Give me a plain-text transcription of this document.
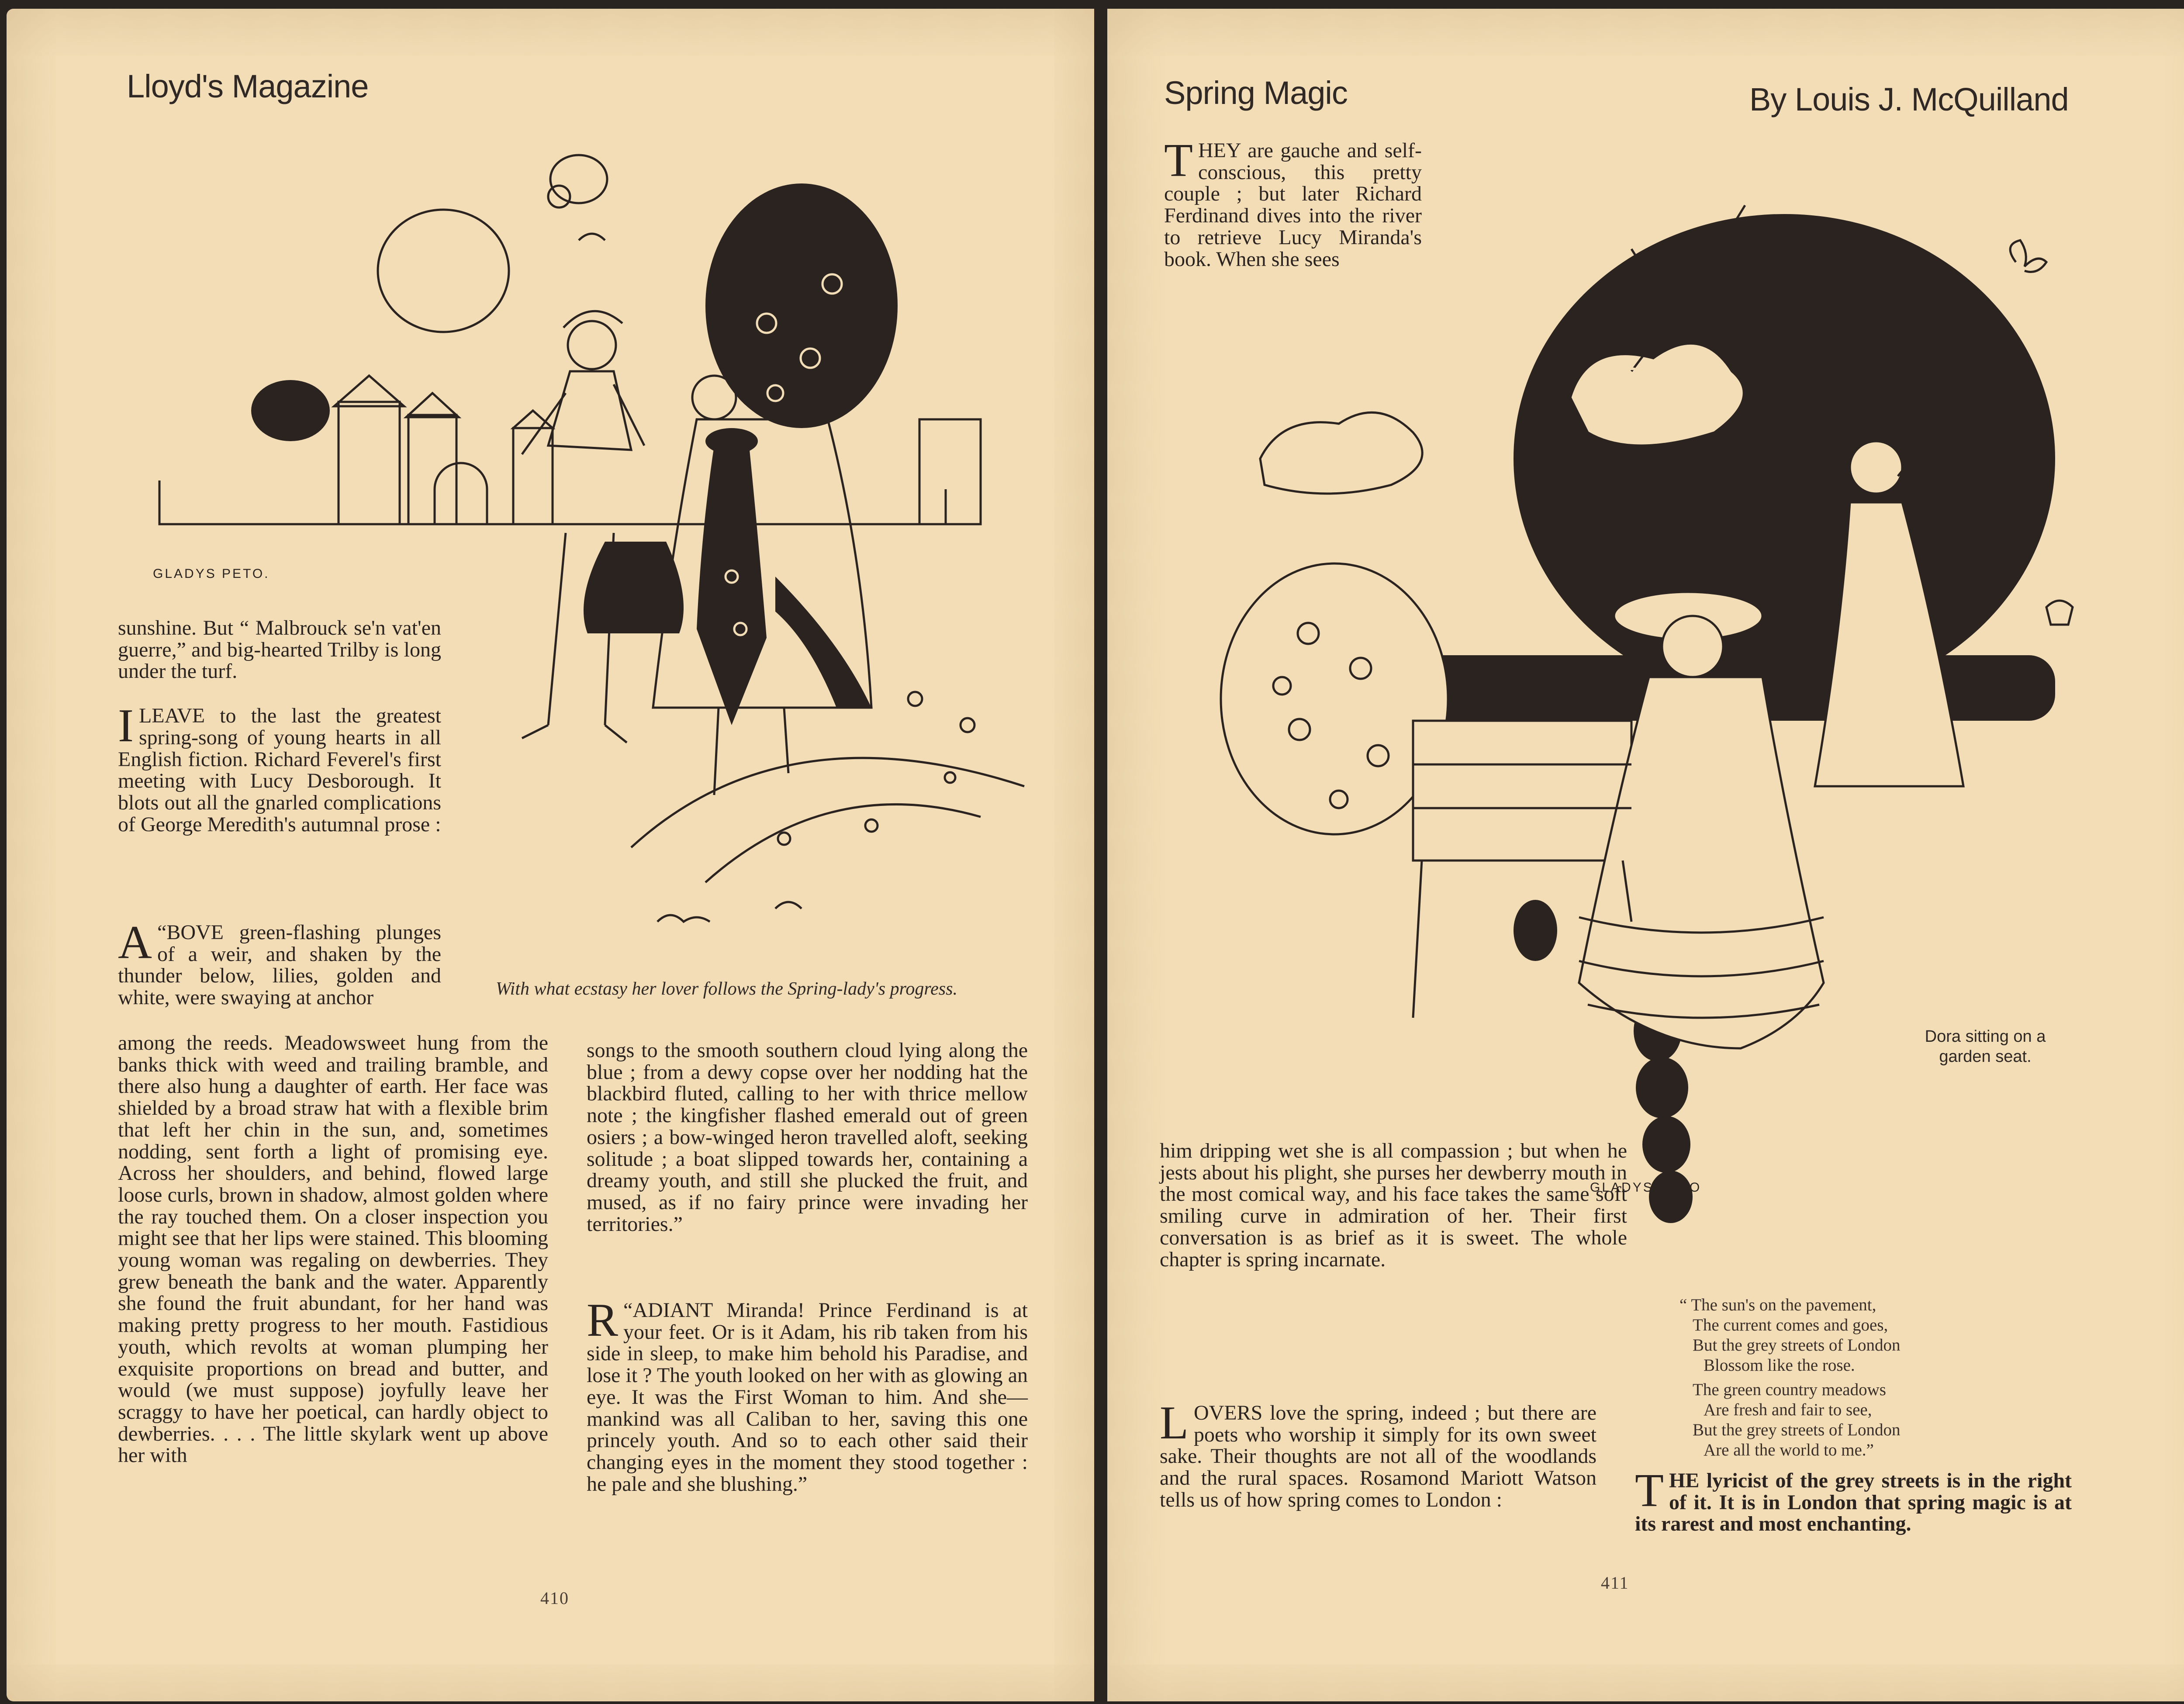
Lloyd's Magazine
GLADYS PETO.
With what ecstasy her lover follows the Spring-lady's progress.

sunshine. But “ Malbrouck se'n vat'en guerre,” and big-hearted Trilby is long under the turf.

ILEAVE to the last the greatest spring-song of young hearts in all English fiction. Richard Feverel's first meeting with Lucy Desborough. It blots out all the gnarled complications of George Meredith's autumnal prose :

“
A BOVE green-flashing plunges of a weir, and shaken by the thunder below, lilies, golden and white, were swaying at anchor

among the reeds. Meadowsweet hung from the banks thick with weed and trailing bramble, and there also hung a daughter of earth. Her face was shielded by a broad straw hat with a flexible brim that left her chin in the sun, and, sometimes nodding, sent forth a light of promising eye. Across her shoulders, and behind, flowed large loose curls, brown in shadow, almost golden where the ray touched them. On a closer inspection you might see that her lips were stained. This blooming young woman was regaling on dewberries. They grew beneath the bank and the water. Apparently she found the fruit abundant, for her hand was making pretty progress to her mouth. Fastidious youth, which revolts at woman plumping her exquisite proportions on bread and butter, and would (we must suppose) joyfully leave her scraggy to have her poetical, can hardly object to dewberries. . . . The little skylark went up above her with
songs to the smooth southern cloud lying along the blue ; from a dewy copse over her nodding hat the blackbird fluted, calling to her with thrice mellow note ; the kingfisher flashed emerald out of green osiers ; a bow-winged heron travelled aloft, seeking solitude ; a boat slipped towards her, containing a dreamy youth, and still she plucked the fruit, and mused, as if no fairy prince were invading her territories.”

“
R ADIANT Miranda! Prince Ferdinand is at your feet. Or is it Adam, his rib taken from his side in sleep, to make him behold his Paradise, and lose it ? The youth looked on her with as glowing an eye. It was the First Woman to him. And she—mankind was all Caliban to her, saving this one princely youth. And so to each other said their changing eyes in the moment they stood together : he pale and she blushing.”

410
Spring Magic	By Louis J. McQuilland

THEY are gauche and self-conscious, this pretty couple ; but later Richard Ferdinand dives into the river to retrieve Lucy Miranda's book. When she sees

GLADYS PETO
Dora sitting on a garden seat.

him dripping wet she is all compassion ; but when he jests about his plight, she purses her dewberry mouth in the most comical way, and his face takes the same soft smiling curve in admiration of her. Their first conversation is as brief as it is sweet. The whole chapter is spring incarnate.

LOVERS love the spring, indeed ; but there are poets who worship it simply for its own sweet sake. Their thoughts are not all of the woodlands and the rural spaces. Rosamond Mariott Watson tells us of how spring comes to London :

“ The sun's on the pavement,
The current comes and goes,
But the grey streets of London
Blossom like the rose.
The green country meadows
Are fresh and fair to see,
But the grey streets of London
Are all the world to me.”

THE lyricist of the grey streets is in the right of it. It is in London that spring magic is at its rarest and most enchanting.

411
